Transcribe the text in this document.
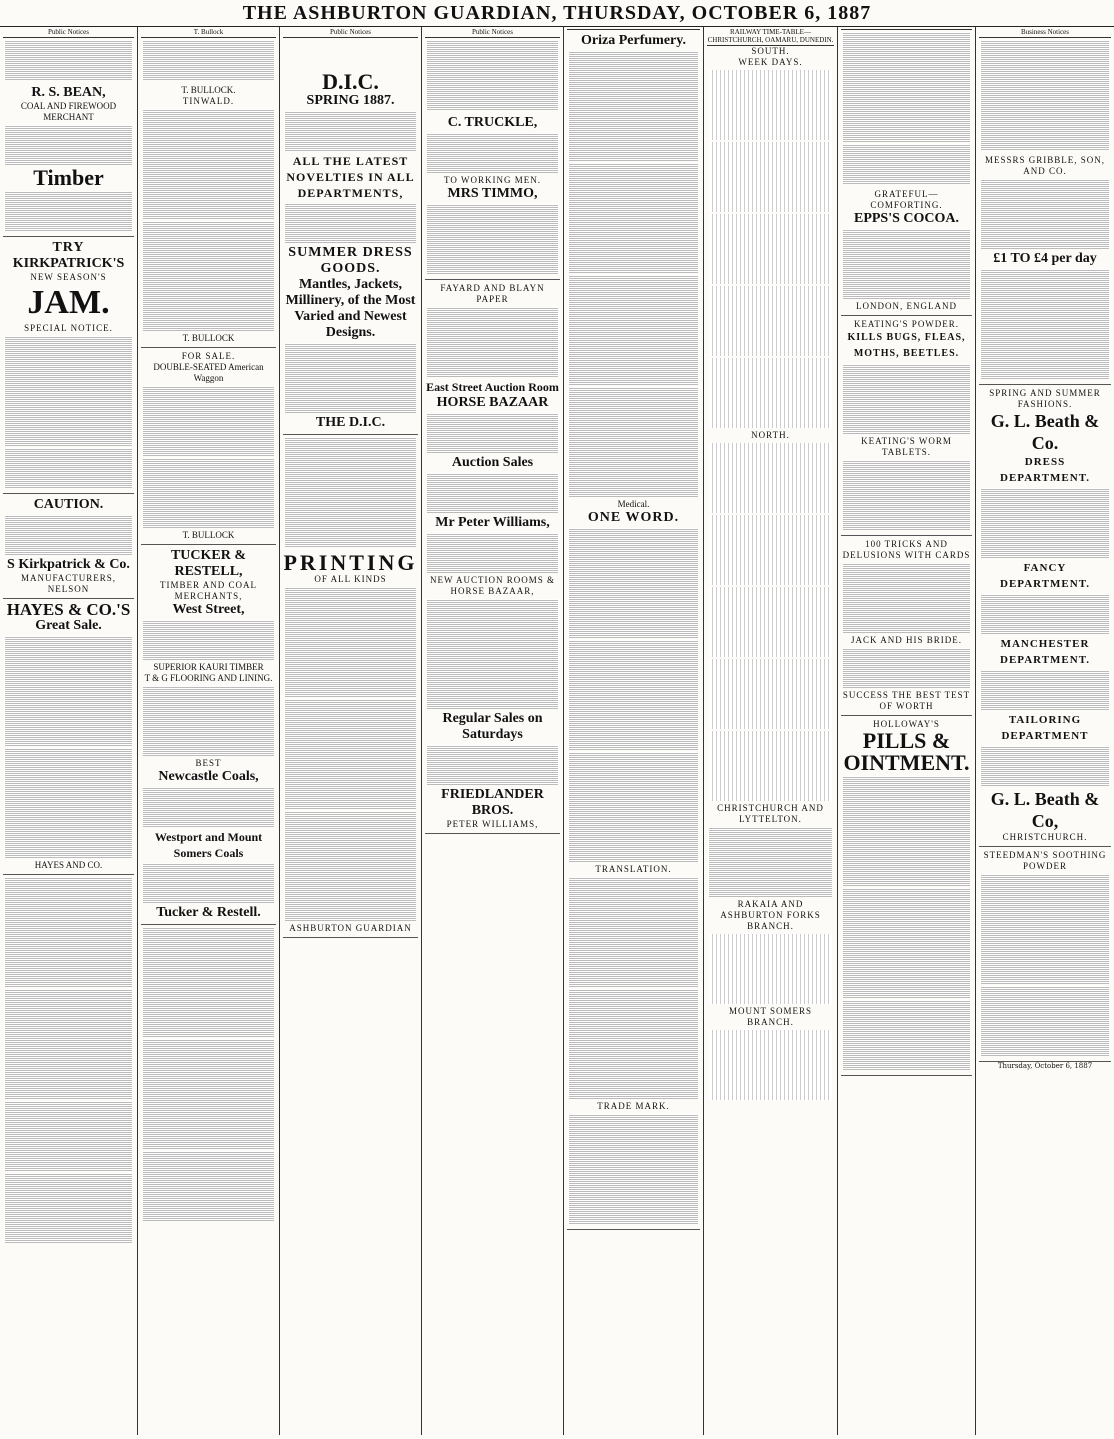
THE ASHBURTON GUARDIAN, THURSDAY, OCTOBER 6, 1887
Public Notices
R. S. BEAN,
COAL AND FIREWOOD MERCHANT
Timber
TRY
KIRKPATRICK'S
NEW SEASON'S
JAM.
SPECIAL NOTICE.
CAUTION.
S Kirkpatrick & Co.
MANUFACTURERS,
NELSON
HAYES & CO.'S
Great Sale.
HAYES AND CO.
T. Bullock
T. BULLOCK.
TINWALD.
T. BULLOCK
FOR SALE.
DOUBLE-SEATED American Waggon
T. BULLOCK
TUCKER & RESTELL,
TIMBER AND COAL MERCHANTS,
West Street,
SUPERIOR KAURI TIMBER
T & G FLOORING AND LINING.
BEST
Newcastle Coals,
Westport and Mount Somers Coals
Tucker & Restell.
Public Notices
D.I.C.
SPRING 1887.
ALL THE LATEST NOVELTIES IN ALL DEPARTMENTS,
SUMMER DRESS GOODS.
Mantles, Jackets, Millinery, of the Most Varied and Newest Designs.
THE D.I.C.
PRINTING
OF ALL KINDS
ASHBURTON GUARDIAN
Public Notices
C. TRUCKLE,
TO WORKING MEN.
MRS TIMMO,
FAYARD AND BLAYN PAPER
East Street Auction Room
HORSE BAZAAR
Auction Sales
Mr Peter Williams,
NEW AUCTION ROOMS & HORSE BAZAAR,
Regular Sales on Saturdays
FRIEDLANDER BROS.
PETER WILLIAMS,
Oriza Perfumery.
Medical.
ONE WORD.
TRANSLATION.
TRADE MARK.
RAILWAY TIME-TABLE—CHRISTCHURCH, OAMARU, DUNEDIN.
SOUTH.
WEEK DAYS.
NORTH.
CHRISTCHURCH AND LYTTELTON.
RAKAIA AND ASHBURTON FORKS BRANCH.
MOUNT SOMERS BRANCH.
GRATEFUL—COMFORTING.
EPPS'S COCOA.
LONDON, ENGLAND
KEATING'S POWDER.
KILLS BUGS, FLEAS, MOTHS, BEETLES.
KEATING'S WORM TABLETS.
100 TRICKS AND DELUSIONS WITH CARDS
JACK AND HIS BRIDE.
SUCCESS THE BEST TEST OF WORTH
HOLLOWAY'S
PILLS & OINTMENT.
Business Notices
MESSRS GRIBBLE, SON, AND CO.
£1 TO £4 per day
SPRING AND SUMMER FASHIONS.
G. L. Beath & Co.
DRESS DEPARTMENT.
FANCY DEPARTMENT.
MANCHESTER DEPARTMENT.
TAILORING DEPARTMENT
G. L. Beath & Co,
CHRISTCHURCH.
STEEDMAN'S SOOTHING POWDER
Thursday, October 6, 1887
